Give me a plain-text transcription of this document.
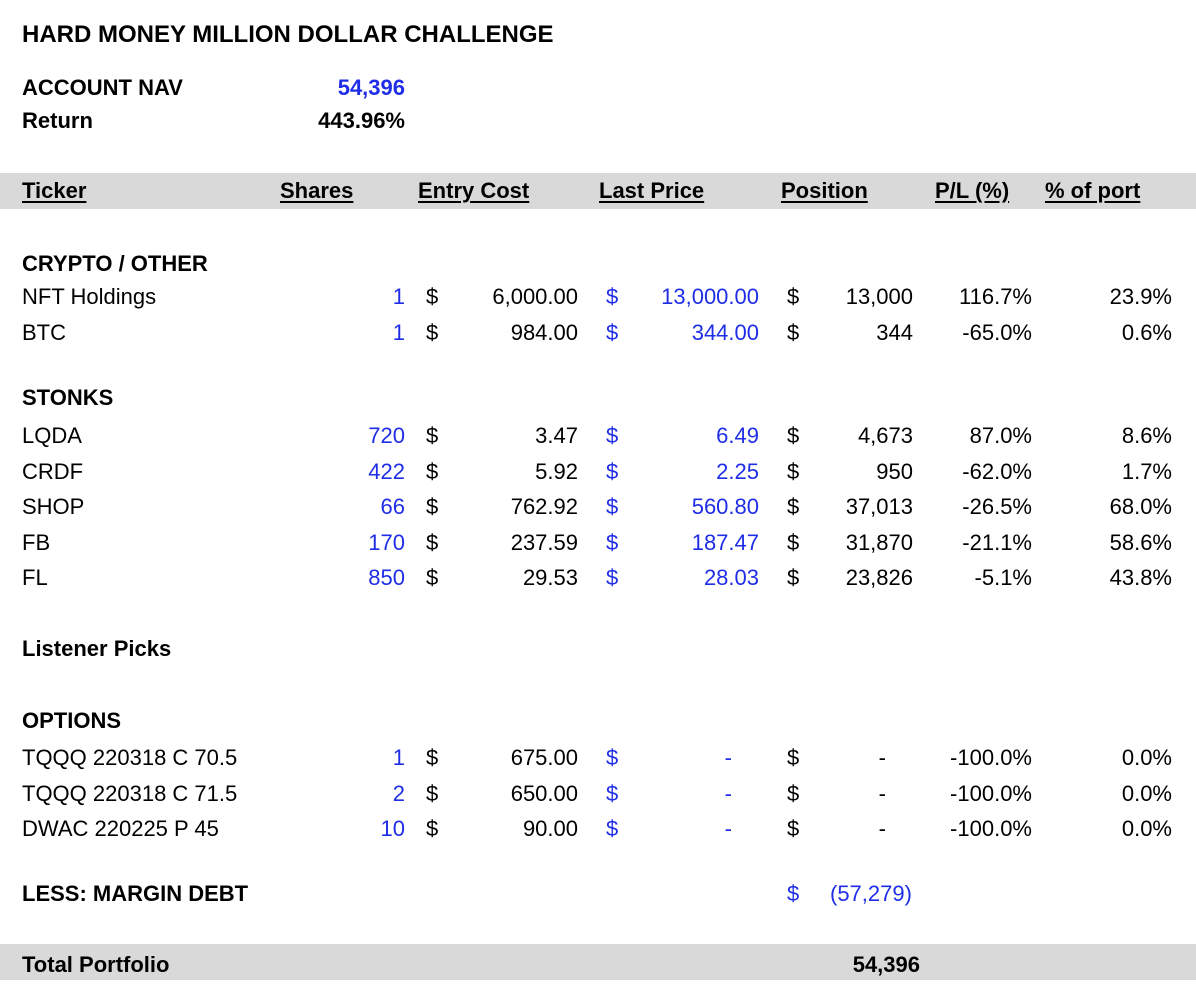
HARD MONEY MILLION DOLLAR CHALLENGE
ACCOUNT NAV	54,396
Return	443.96%
Ticker	Shares	Entry Cost	Last Price	Position	P/L (%) % of port
CRYPTO / OTHER
STONKS
Listener Picks
OPTIONS
NFT Holdings	1 $	6,000.00 $	13,000.00 $	13,000	116.7%	23.9%
BTC	1 $	984.00 $	344.00 $	344	-65.0%	0.6%
LQDA	720 $	3.47 $	6.49 $	4,673	87.0%	8.6%
CRDF	422 $	5.92 $	2.25 $	950	-62.0%	1.7%
SHOP	66 $	762.92 $	560.80 $	37,013	-26.5%	68.0%
FB	170 $	237.59 $	187.47 $	31,870	-21.1%	58.6%
FL	850 $	29.53 $	28.03 $	23,826	-5.1%	43.8%
TQQQ 220318 C 70.5	1 $	675.00 $	-	$	-	-100.0%	0.0%
TQQQ 220318 C 71.5	2 $	650.00 $	-	$	-	-100.0%	0.0%
DWAC 220225 P 45	10 $	90.00 $	-	$	-	-100.0%	0.0%
LESS: MARGIN DEBT	$ (57,279)
Total Portfolio	54,396
